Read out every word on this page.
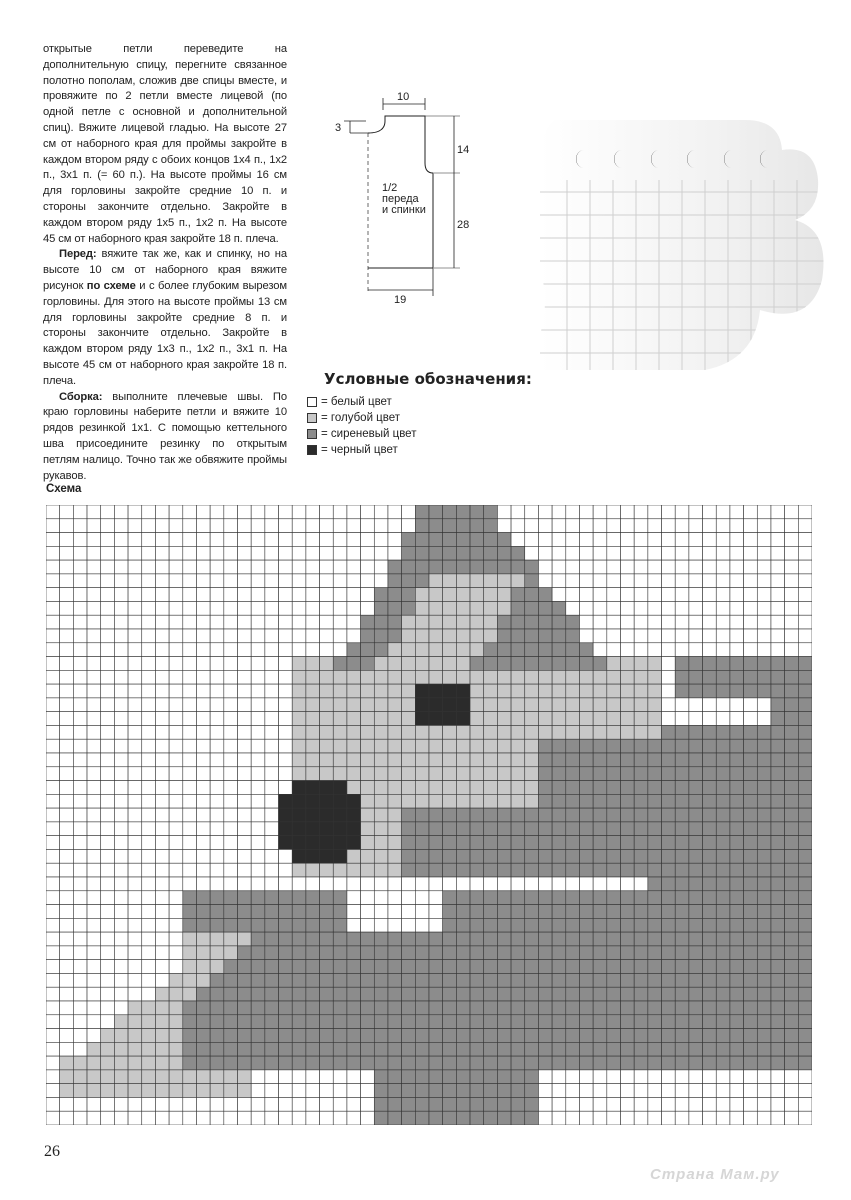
открытые петли переведите на дополнительную спицу, перегните связанное полотно пополам, сложив две спицы вместе, и провяжите по 2 петли вместе лицевой (по одной петле с основной и дополнительной спиц). Вяжите лицевой гладью. На высоте 27 см от наборного края для проймы закройте в каждом втором ряду с обоих концов 1х4 п., 1х2 п., 3х1 п. (= 60 п.). На высоте проймы 16 см для горловины закройте средние 10 п. и стороны закончите отдельно. Закройте в каждом втором ряду 1х5 п., 1х2 п. На высоте 45 см от наборного края закройте 18 п. плеча.

Перед: вяжите так же, как и спинку, но на высоте 10 см от наборного края вяжите рисунок по схеме и с более глубоким вырезом горловины. Для этого на высоте проймы 13 см для горловины закройте средние 8 п. и стороны закончите отдельно. Закройте в каждом втором ряду 1х3 п., 1х2 п., 3х1 п. На высоте 45 см от наборного края закройте 18 п. плеча.

Сборка: выполните плечевые швы. По краю горловины наберите петли и вяжите 10 рядов резинкой 1х1. С помощью кеттельного шва присоедините резинку по открытым петлям налицо. Точно так же обвяжите проймы рукавов.

10
3
14
28
19
1/2
переда
и спинки
Условные обозначения:
= белый цвет
= голубой цвет
= сиреневый цвет
= черный цвет
Схема
26
Страна Мам.ру
